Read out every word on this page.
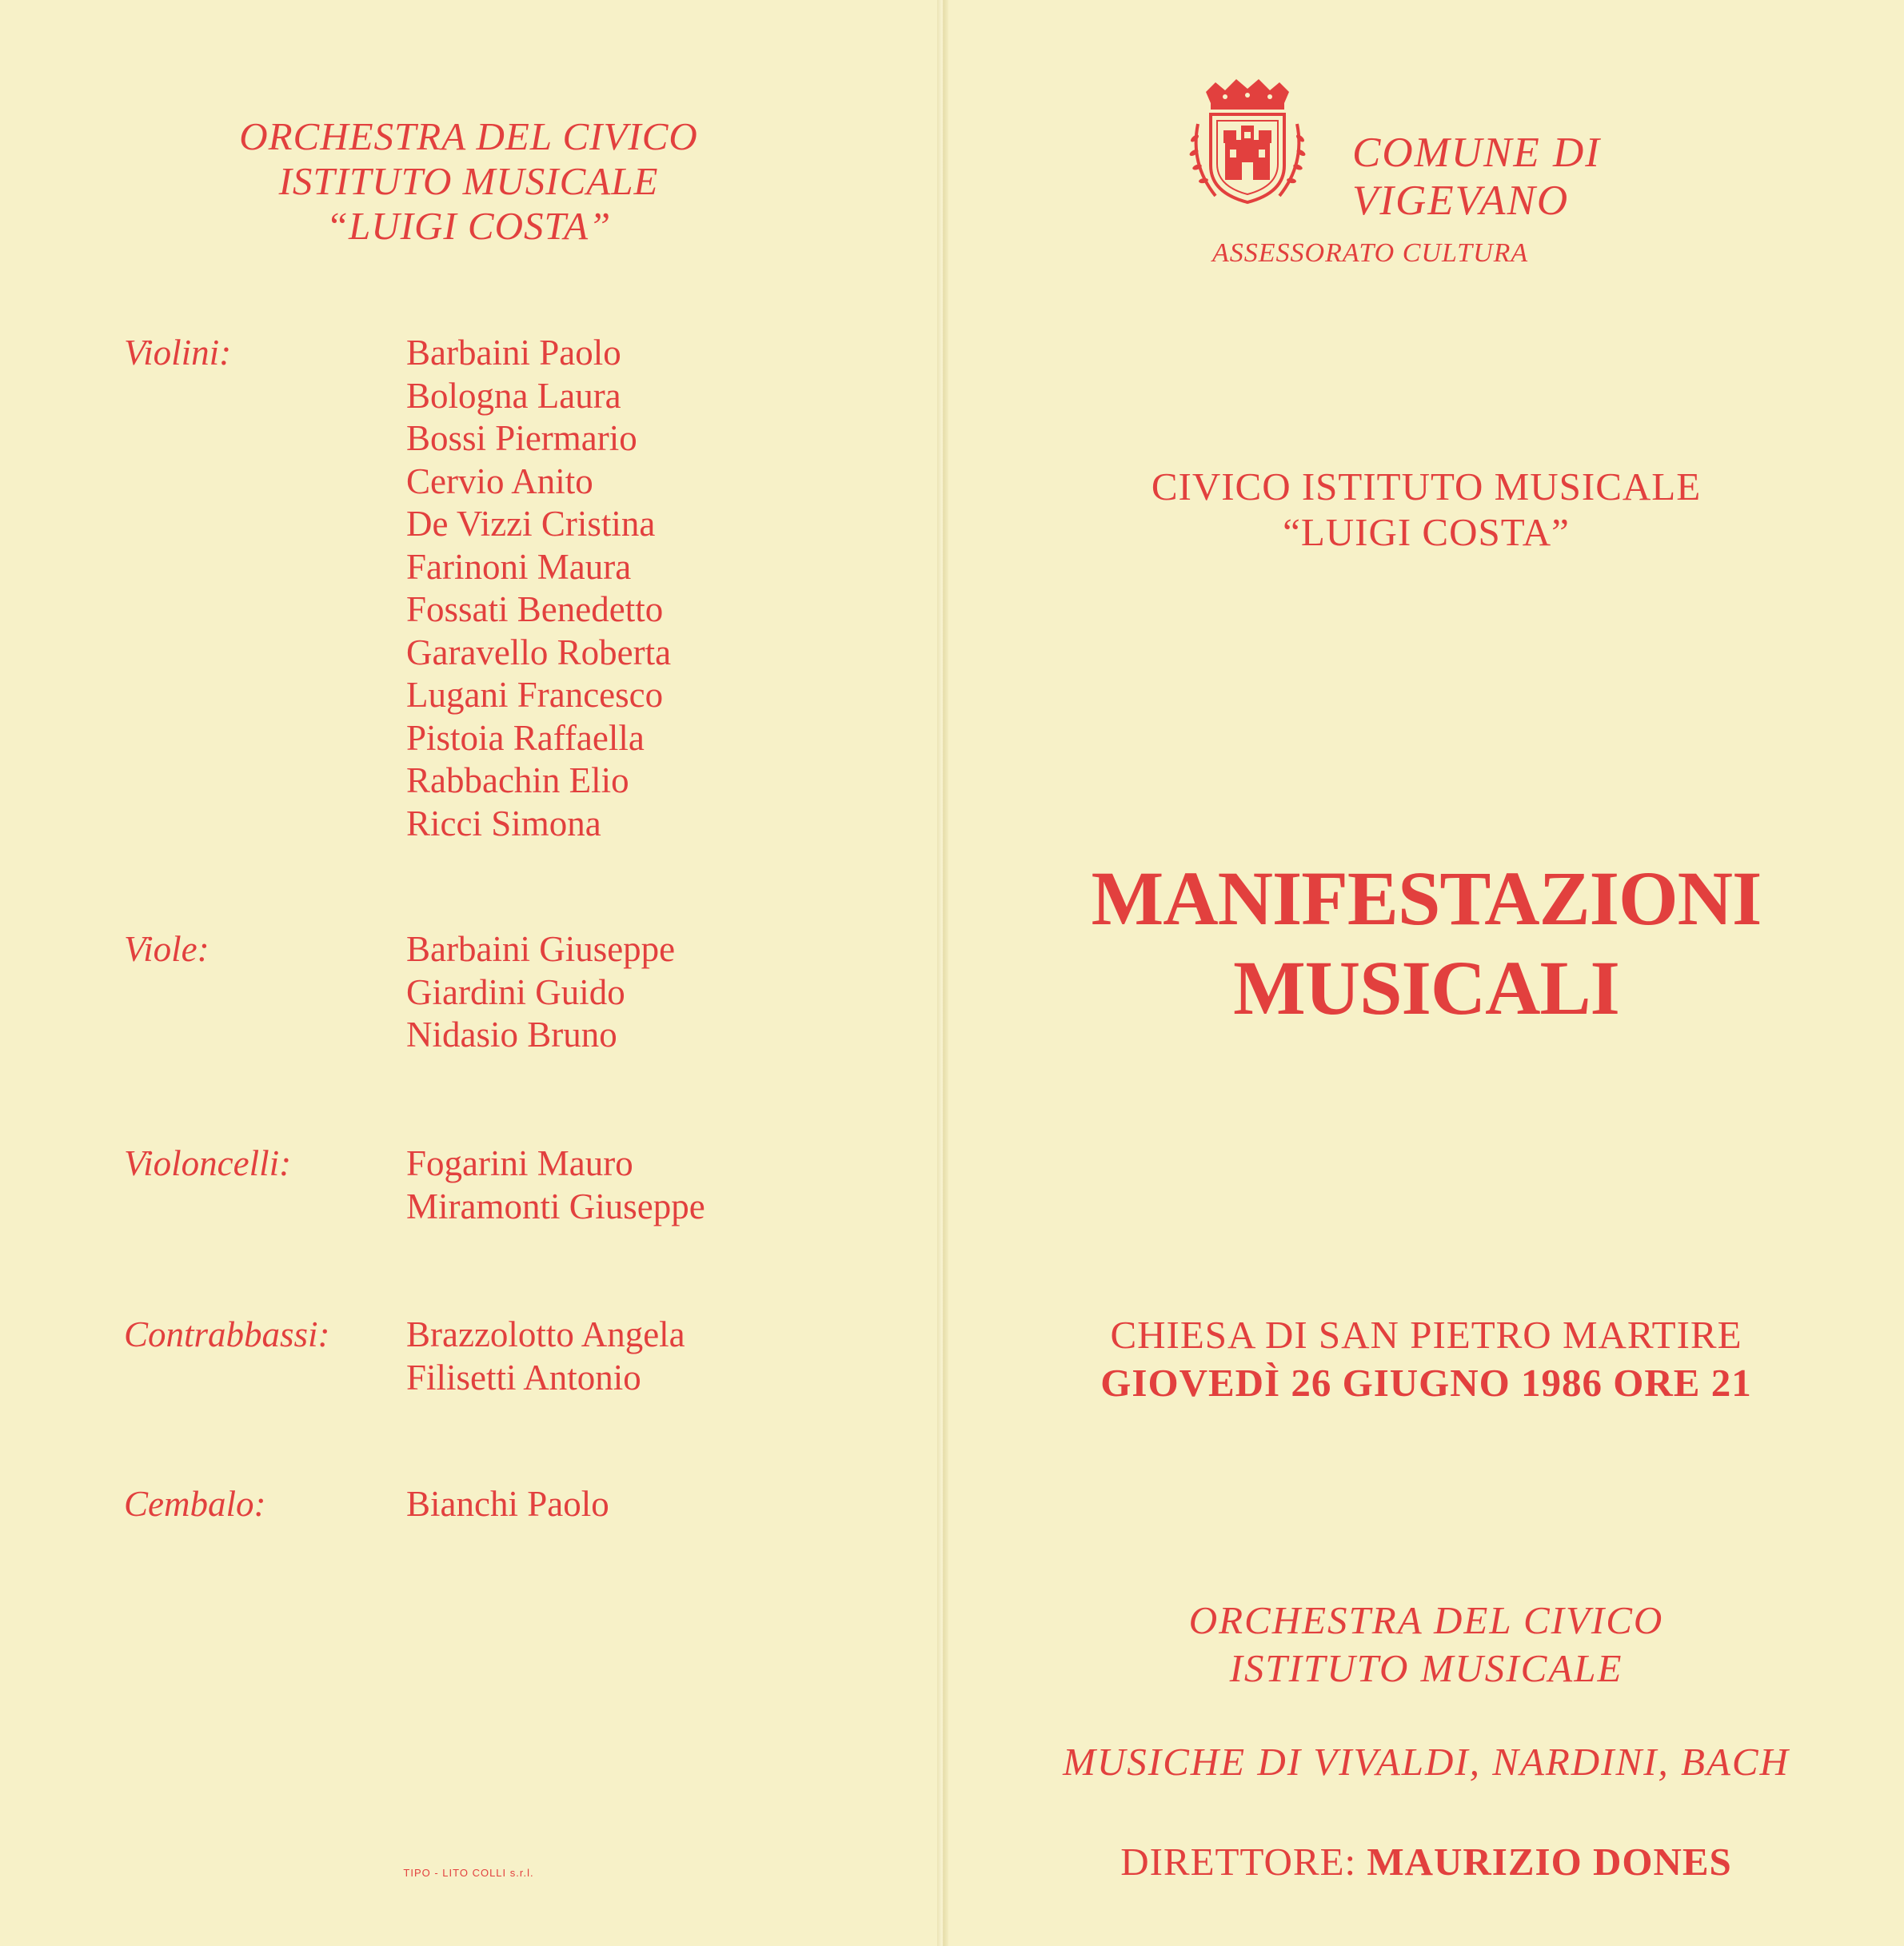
ORCHESTRA DEL CIVICO
ISTITUTO MUSICALE
“LUIGI COSTA”
Violini:	Barbaini Paolo
Bologna Laura
Bossi Piermario
Cervio Anito
De Vizzi Cristina
Farinoni Maura
Fossati Benedetto
Garavello Roberta
Lugani Francesco
Pistoia Raffaella
Rabbachin Elio
Ricci Simona
Viole:	Barbaini Giuseppe
Giardini Guido
Nidasio Bruno
Violoncelli:	Fogarini Mauro
Miramonti Giuseppe
Contrabbassi: Brazzolotto Angela
Filisetti Antonio
Cembalo:	Bianchi Paolo
TIPO - LITO COLLI s.r.l.
COMUNE DI
VIGEVANO
ASSESSORATO CULTURA
CIVICO ISTITUTO MUSICALE
“LUIGI COSTA”
MANIFESTAZIONI
MUSICALI
CHIESA DI SAN PIETRO MARTIRE
GIOVEDÌ 26 GIUGNO 1986 ORE 21
ORCHESTRA DEL CIVICO
ISTITUTO MUSICALE
MUSICHE DI VIVALDI, NARDINI, BACH
DIRETTORE: MAURIZIO DONES
